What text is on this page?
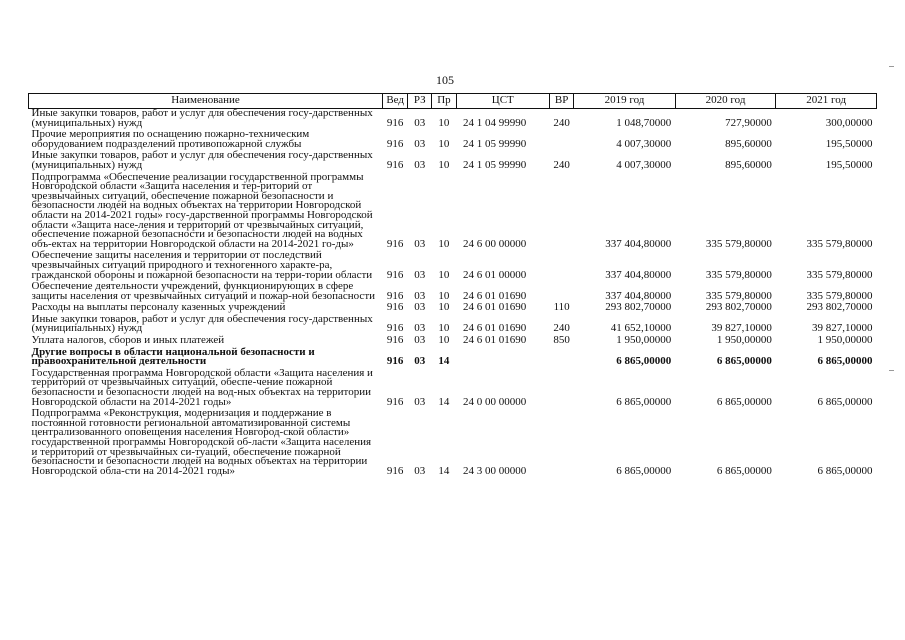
105
Наименование	Вед	РЗ	Пр	ЦСТ	ВР	2019 год	2020 год	2021 год
Иные закупки товаров, работ и услуг для обеспечения госу-дарственных (муниципальных) нужд	916	03	10	24 1 04 99990	240	1 048,70000	727,90000	300,00000
Прочие мероприятия по оснащению пожарно-техническим оборудованием подразделений противопожарной службы	916	03	10	24 1 05 99990		4 007,30000	895,60000	195,50000
Иные закупки товаров, работ и услуг для обеспечения госу-дарственных (муниципальных) нужд	916	03	10	24 1 05 99990	240	4 007,30000	895,60000	195,50000
Подпрограмма «Обеспечение реализации государственной программы Новгородской области «Защита населения и тер-риторий от чрезвычайных ситуаций, обеспечение пожарной безопасности и безопасности людей на водных объектах на территории Новгородской области на 2014-2021 годы» госу-дарственной программы Новгородской области «Защита насе-ления и территорий от чрезвычайных ситуаций, обеспечение пожарной безопасности и безопасности людей на водных объ-ектах на территории Новгородской области на 2014-2021 го-ды»	916	03	10	24 6 00 00000		337 404,80000	335 579,80000	335 579,80000
Обеспечение защиты населения и территории от последствий чрезвычайных ситуаций природного и техногенного характе-ра, гражданской обороны и пожарной безопасности на терри-тории области	916	03	10	24 6 01 00000		337 404,80000	335 579,80000	335 579,80000
Обеспечение деятельности учреждений, функционирующих в сфере защиты населения от чрезвычайных ситуаций и пожар-ной безопасности	916	03	10	24 6 01 01690		337 404,80000	335 579,80000	335 579,80000
Расходы на выплаты персоналу казенных учреждений	916	03	10	24 6 01 01690	110	293 802,70000	293 802,70000	293 802,70000
Иные закупки товаров, работ и услуг для обеспечения госу-дарственных (муниципальных) нужд	916	03	10	24 6 01 01690	240	41 652,10000	39 827,10000	39 827,10000
Уплата налогов, сборов и иных платежей	916	03	10	24 6 01 01690	850	1 950,00000	1 950,00000	1 950,00000
Другие вопросы в области национальной безопасности и правоохранительной деятельности	916	03	14			6 865,00000	6 865,00000	6 865,00000
Государственная программа Новгородской области «Защита населения и территорий от чрезвычайных ситуаций, обеспе-чение пожарной безопасности и безопасности людей на вод-ных объектах на территории Новгородской области на 2014-2021 годы»	916	03	14	24 0 00 00000		6 865,00000	6 865,00000	6 865,00000
Подпрограмма «Реконструкция, модернизация и поддержание в постоянной готовности региональной автоматизированной системы централизованного оповещения населения Новгород-ской области» государственной программы Новгородской об-ласти «Защита населения и территорий от чрезвычайных си-туаций, обеспечение пожарной безопасности и безопасности людей на водных объектах на территории Новгородской обла-сти на 2014-2021 годы»	916	03	14	24 3 00 00000		6 865,00000	6 865,00000	6 865,00000
